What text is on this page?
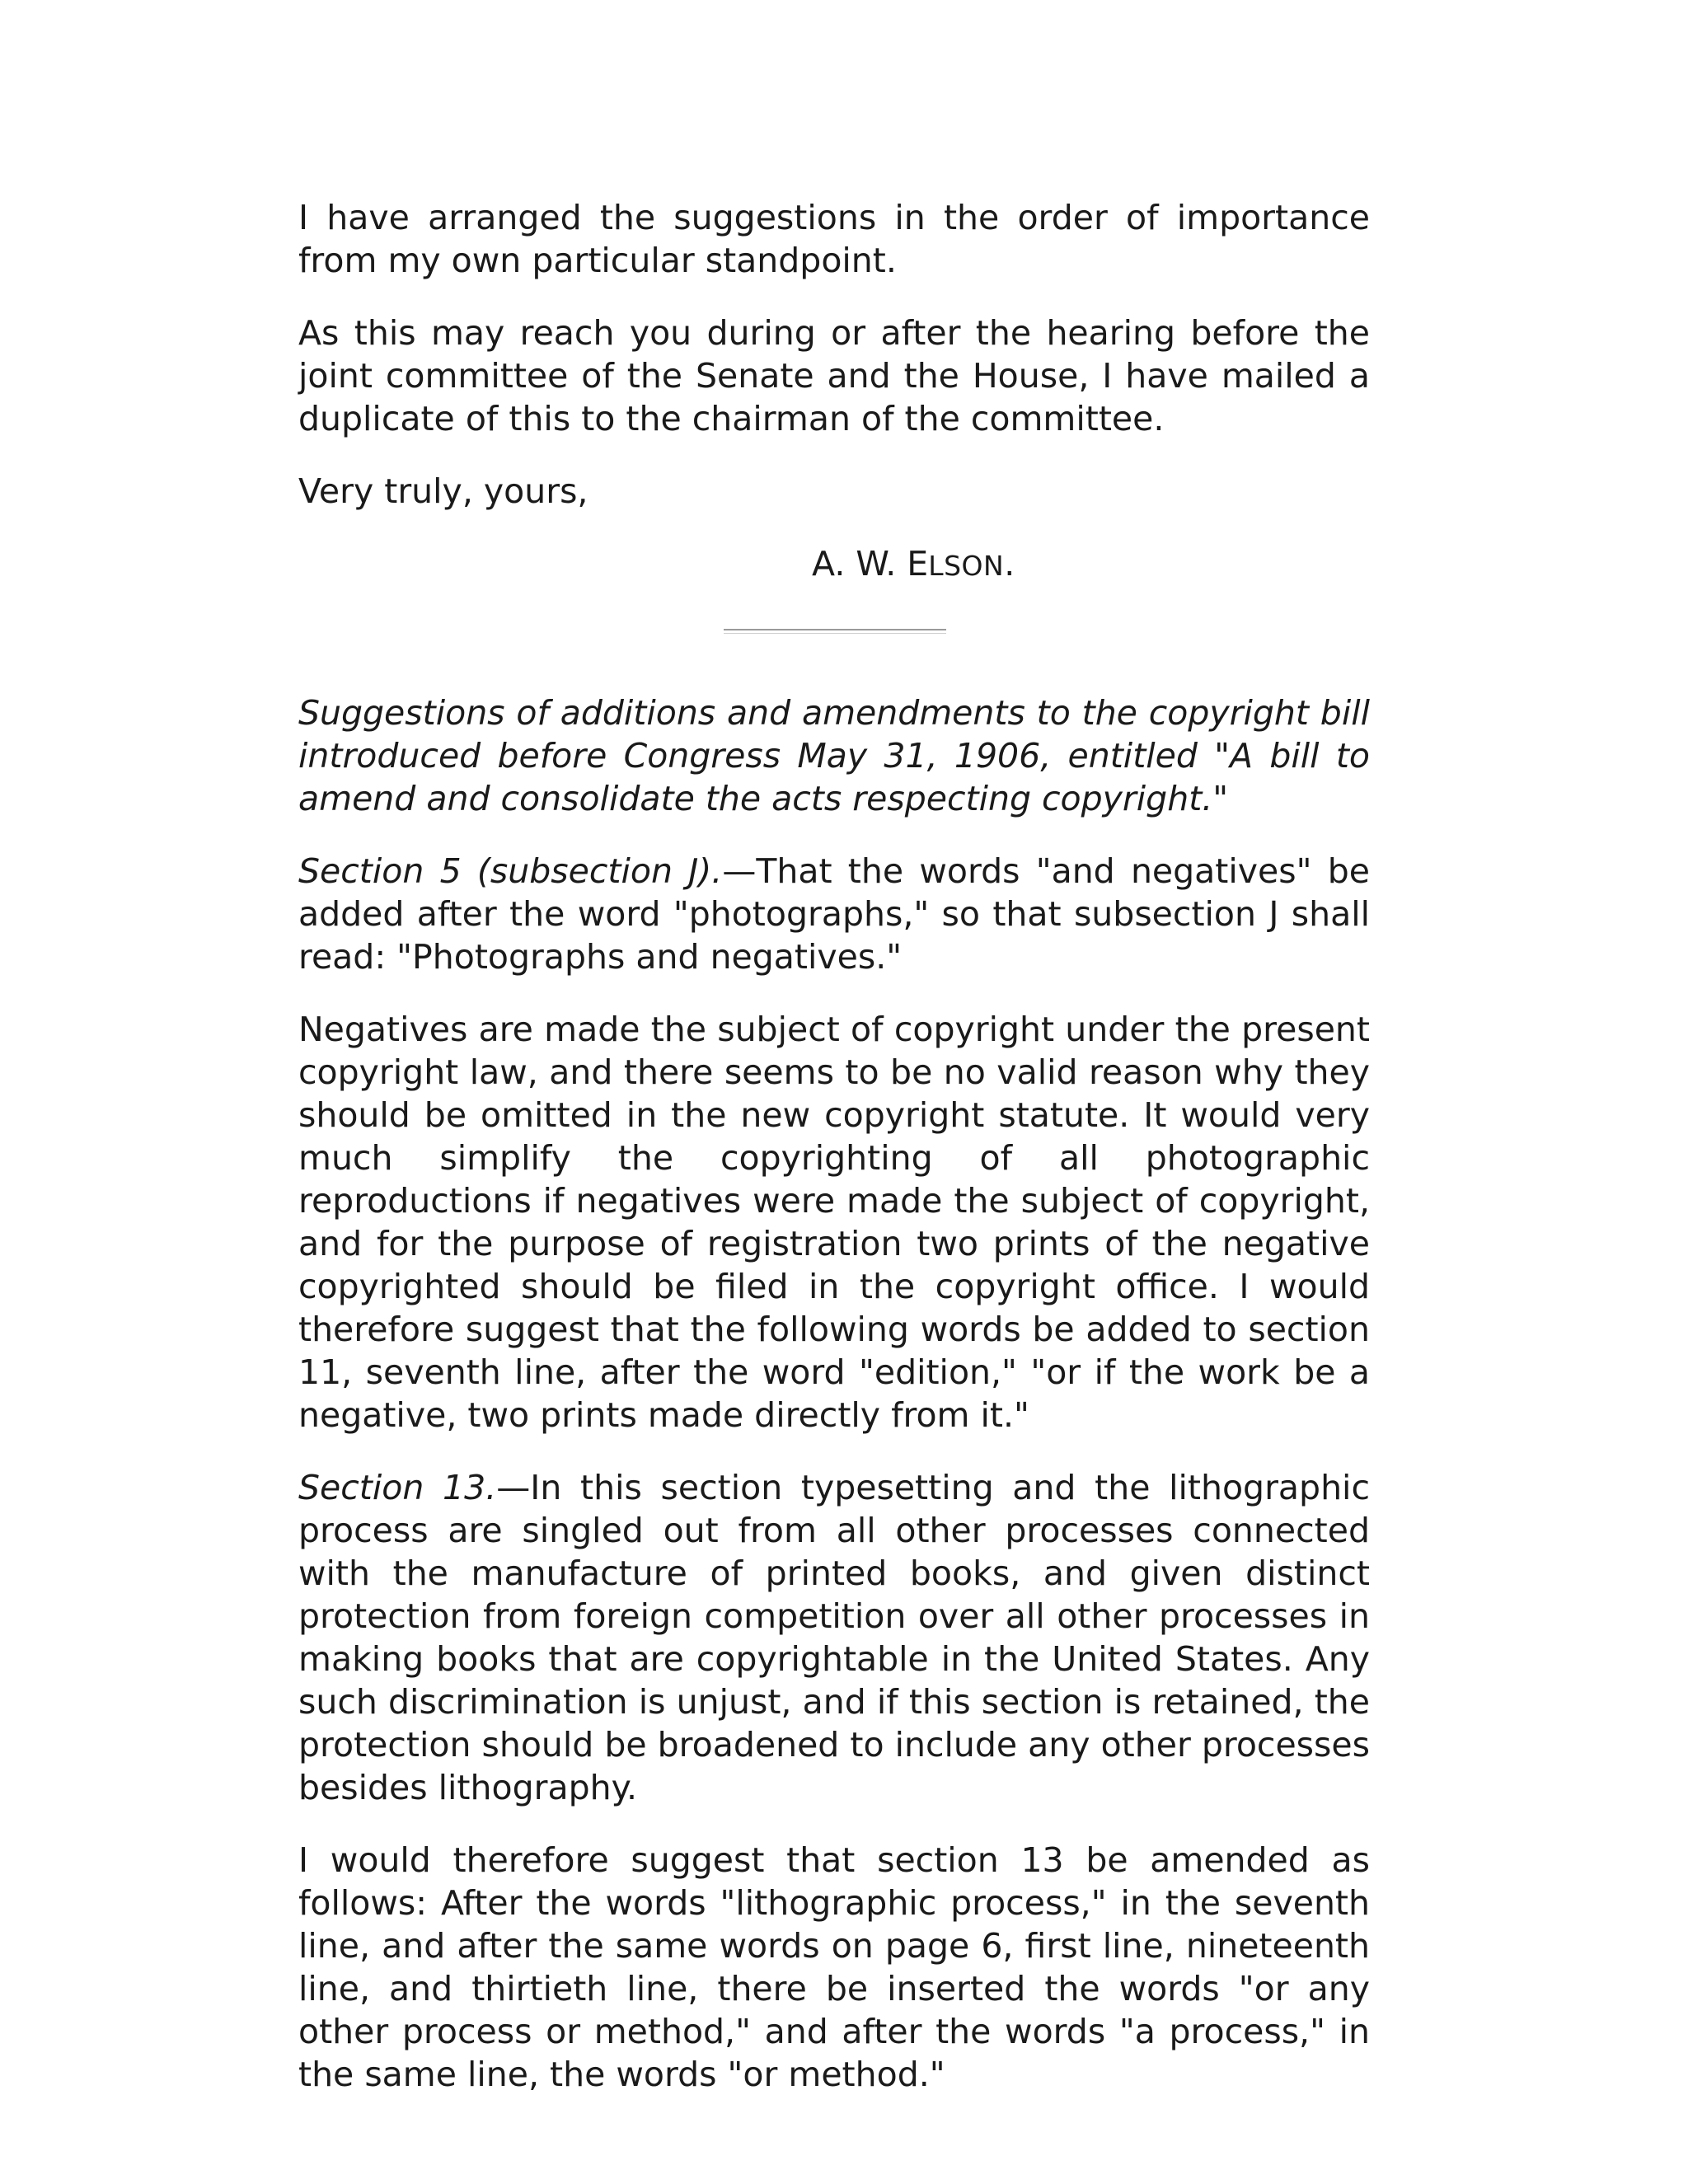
I have arranged the suggestions in the order of importance from my own particular standpoint.

As this may reach you during or after the hearing before the joint committee of the Senate and the House, I have mailed a duplicate of this to the chairman of the committee.

Very truly, yours,

A. W. ELSON.

Suggestions of additions and amendments to the copyright bill introduced before Congress May 31, 1906, entitled "A bill to amend and consolidate the acts respecting copyright."

Section 5 (subsection J).—That the words "and negatives" be added after the word "photographs," so that subsection J shall read: "Photographs and negatives."

Negatives are made the subject of copyright under the present copyright law, and there seems to be no valid reason why they should be omitted in the new copyright statute. It would very much simplify the copyrighting of all photographic reproductions if negatives were made the subject of copyright, and for the purpose of registration two prints of the negative copyrighted should be filed in the copyright office. I would therefore suggest that the following words be added to section 11, seventh line, after the word "edition," "or if the work be a negative, two prints made directly from it."

Section 13.—In this section typesetting and the lithographic process are singled out from all other processes connected with the manufacture of printed books, and given distinct protection from foreign competition over all other processes in making books that are copyrightable in the United States. Any such discrimination is unjust, and if this section is retained, the protection should be broadened to include any other processes besides lithography.

I would therefore suggest that section 13 be amended as follows: After the words "lithographic process," in the seventh line, and after the same words on page 6, first line, nineteenth line, and thirtieth line, there be inserted the words "or any other process or method," and after the words "a process," in the same line, the words "or method."
